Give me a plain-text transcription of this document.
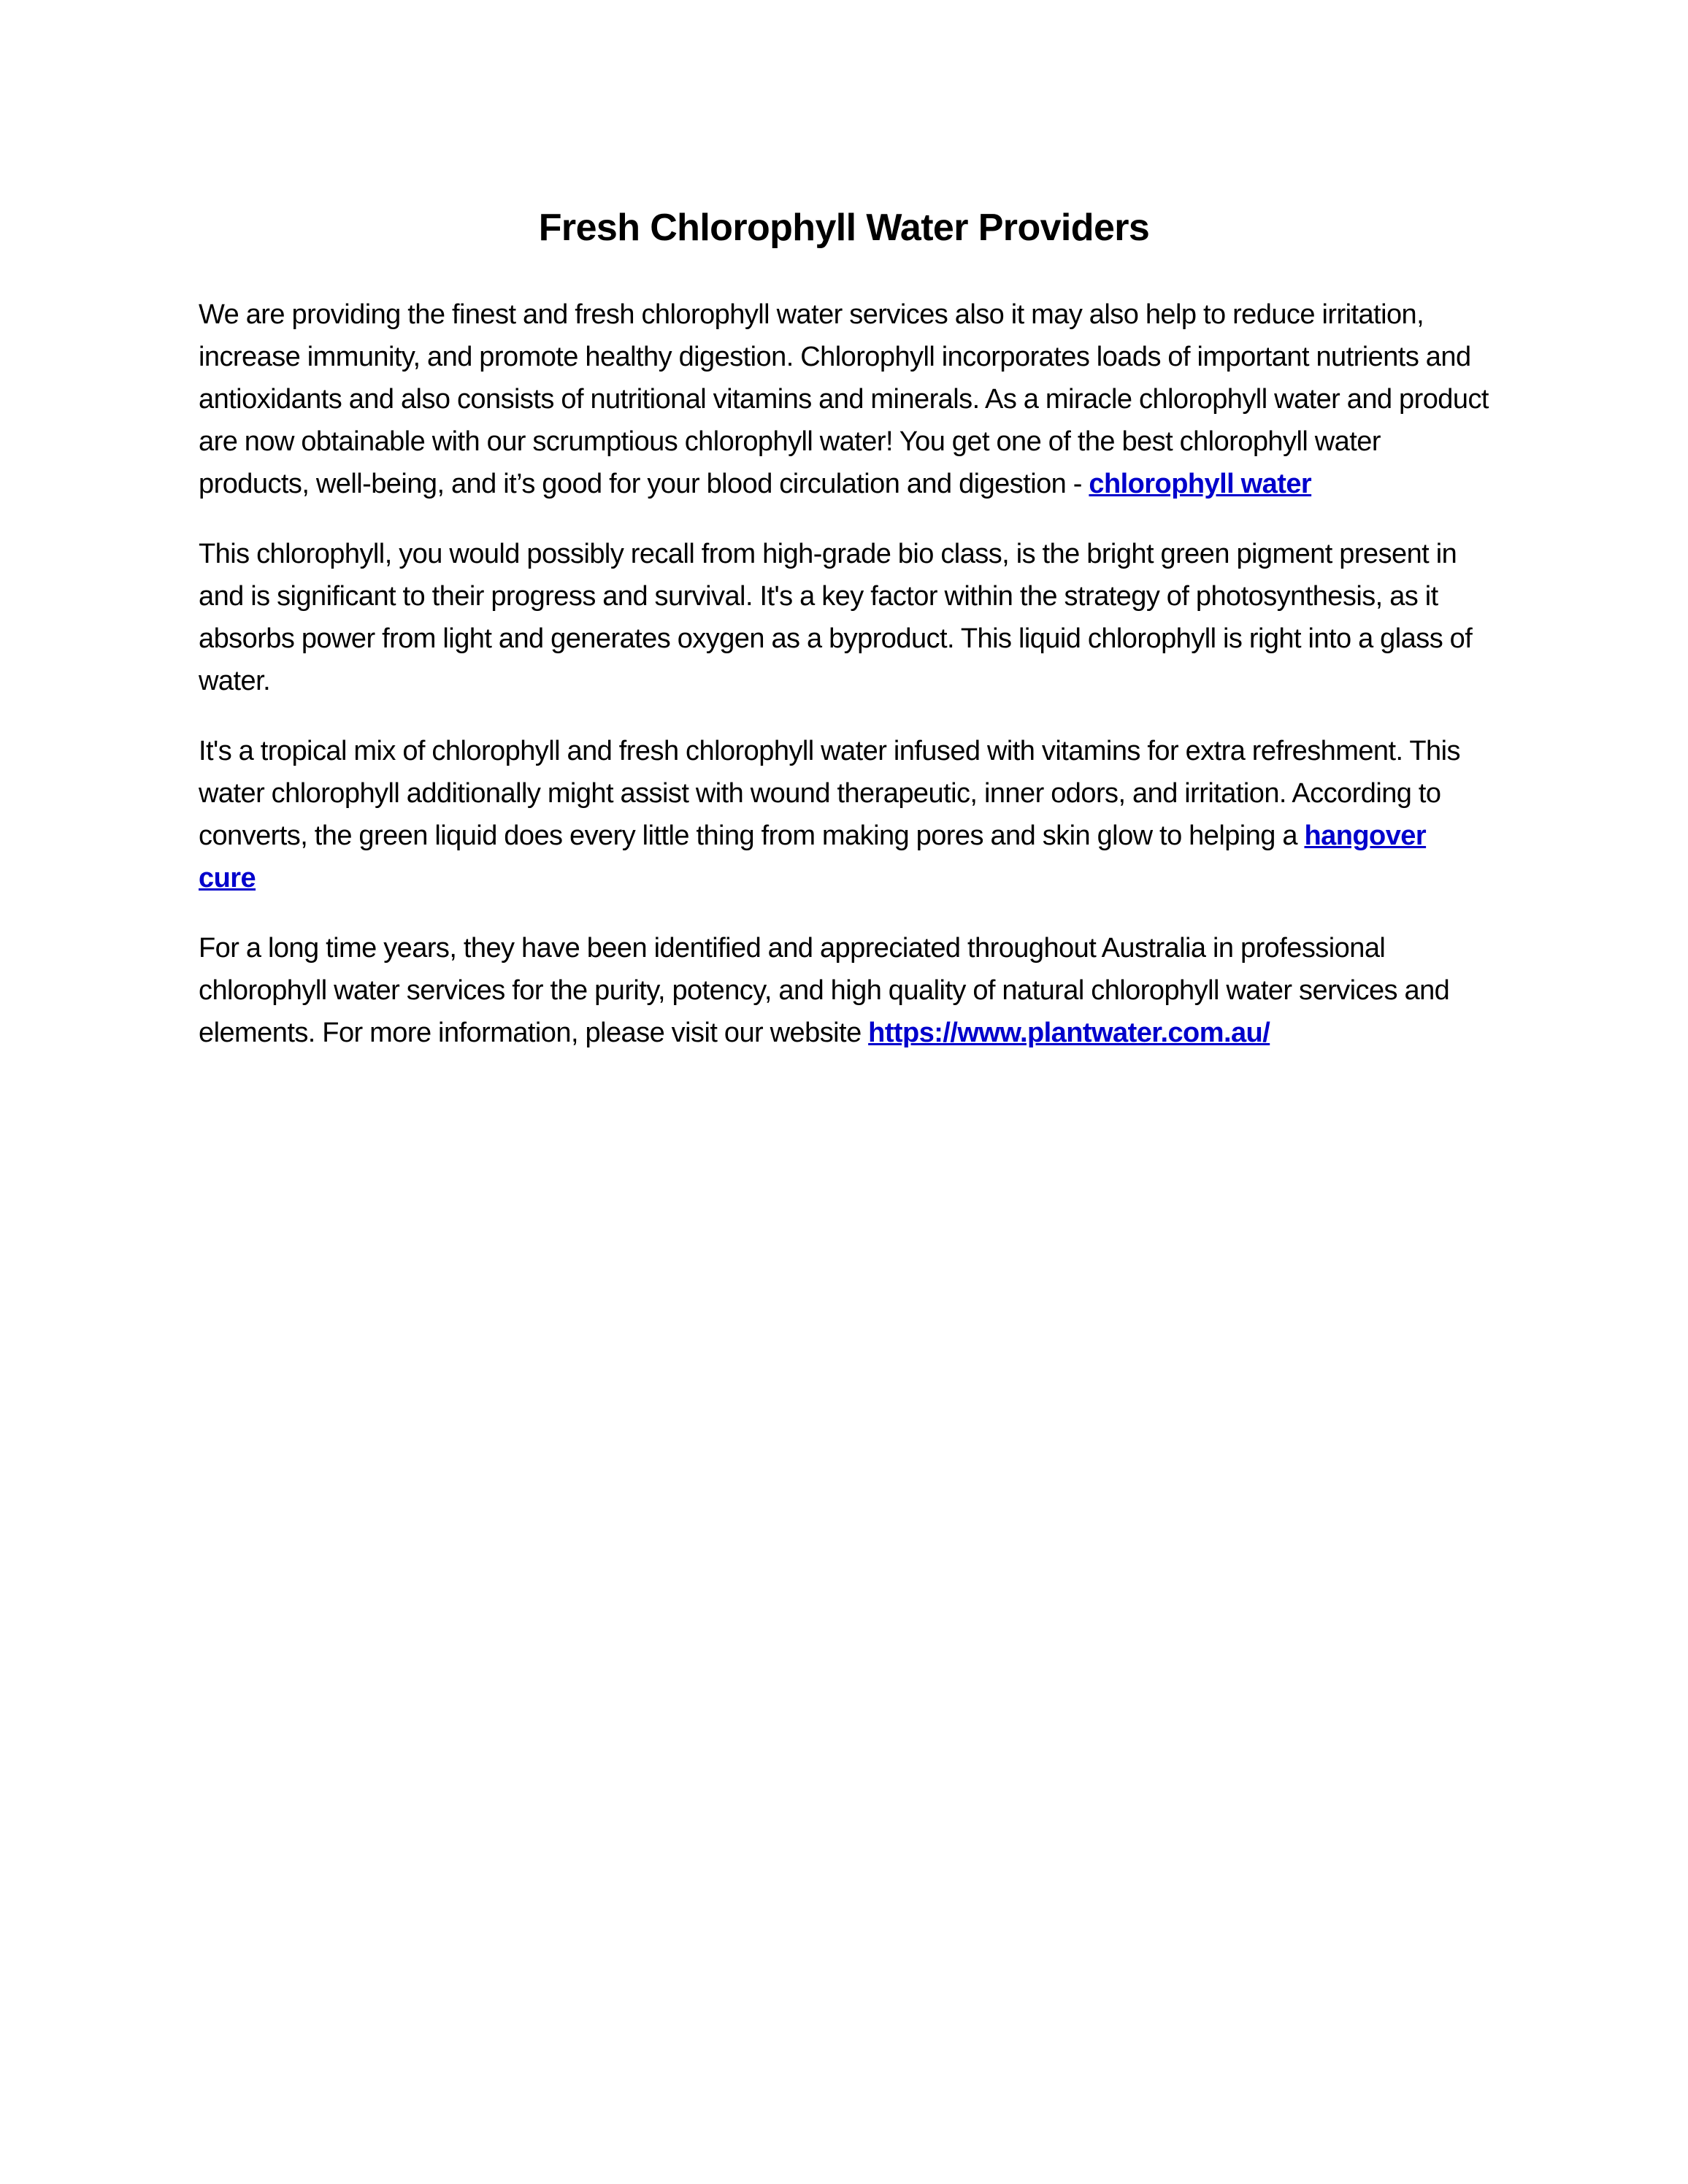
Fresh Chlorophyll Water Providers

We are providing the finest and fresh chlorophyll water services also it may also help to reduce irritation, increase immunity, and promote healthy digestion. Chlorophyll incorporates loads of important nutrients and antioxidants and also consists of nutritional vitamins and minerals. As a miracle chlorophyll water and product are now obtainable with our scrumptious chlorophyll water! You get one of the best chlorophyll water products, well-being, and it’s good for your blood circulation and digestion - chlorophyll water

This chlorophyll, you would possibly recall from high-grade bio class, is the bright green pigment present in and is significant to their progress and survival. It's a key factor within the strategy of photosynthesis, as it absorbs power from light and generates oxygen as a byproduct. This liquid chlorophyll is right into a glass of water.

It's a tropical mix of chlorophyll and fresh chlorophyll water infused with vitamins for extra refreshment. This water chlorophyll additionally might assist with wound therapeutic, inner odors, and irritation. According to converts, the green liquid does every little thing from making pores and skin glow to helping a hangover cure

For a long time years, they have been identified and appreciated throughout Australia in professional chlorophyll water services for the purity, potency, and high quality of natural chlorophyll water services and elements. For more information, please visit our website https://www.plantwater.com.au/
